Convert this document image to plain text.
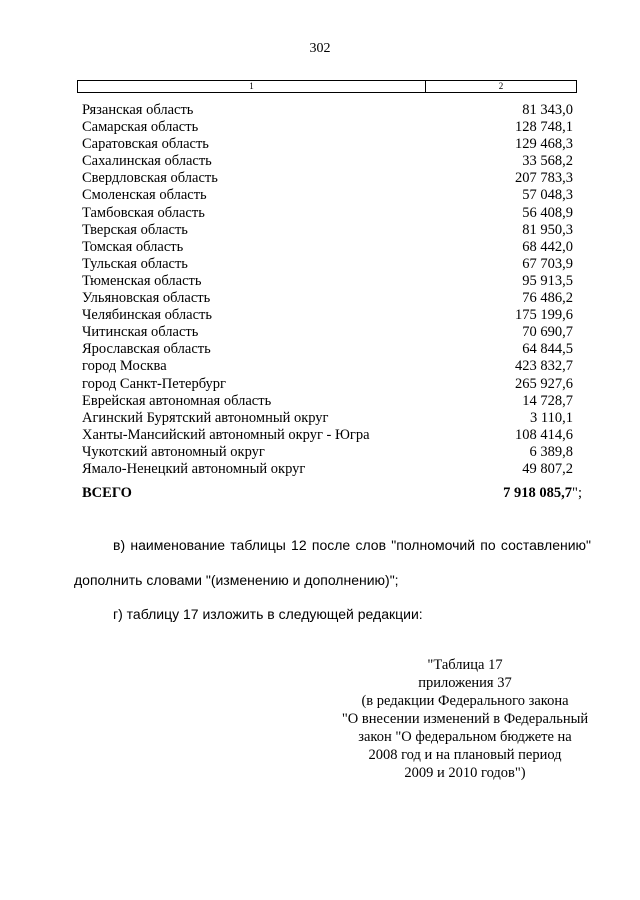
302
1	2
Рязанская область	81 343,0
Самарская область	128 748,1
Саратовская область	129 468,3
Сахалинская область	33 568,2
Свердловская область	207 783,3
Смоленская область	57 048,3
Тамбовская область	56 408,9
Тверская область	81 950,3
Томская область	68 442,0
Тульская область	67 703,9
Тюменская область	95 913,5
Ульяновская область	76 486,2
Челябинская область	175 199,6
Читинская область	70 690,7
Ярославская область	64 844,5
город Москва	423 832,7
город Санкт-Петербург	265 927,6
Еврейская автономная область	14 728,7
Агинский Бурятский автономный округ	3 110,1
Ханты-Мансийский автономный округ - Югра	108 414,6
Чукотский автономный округ	6 389,8
Ямало-Ненецкий автономный округ	49 807,2
ВСЕГО	7 918 085,7";
в) наименование таблицы 12 после слов "полномочий по составлению"
дополнить словами "(изменению и дополнению)";
г) таблицу 17 изложить в следующей редакции:
"Таблица 17
приложения 37
(в редакции Федерального закона
"О внесении изменений в Федеральный
закон "О федеральном бюджете на
2008 год и на плановый период
2009 и 2010 годов")
